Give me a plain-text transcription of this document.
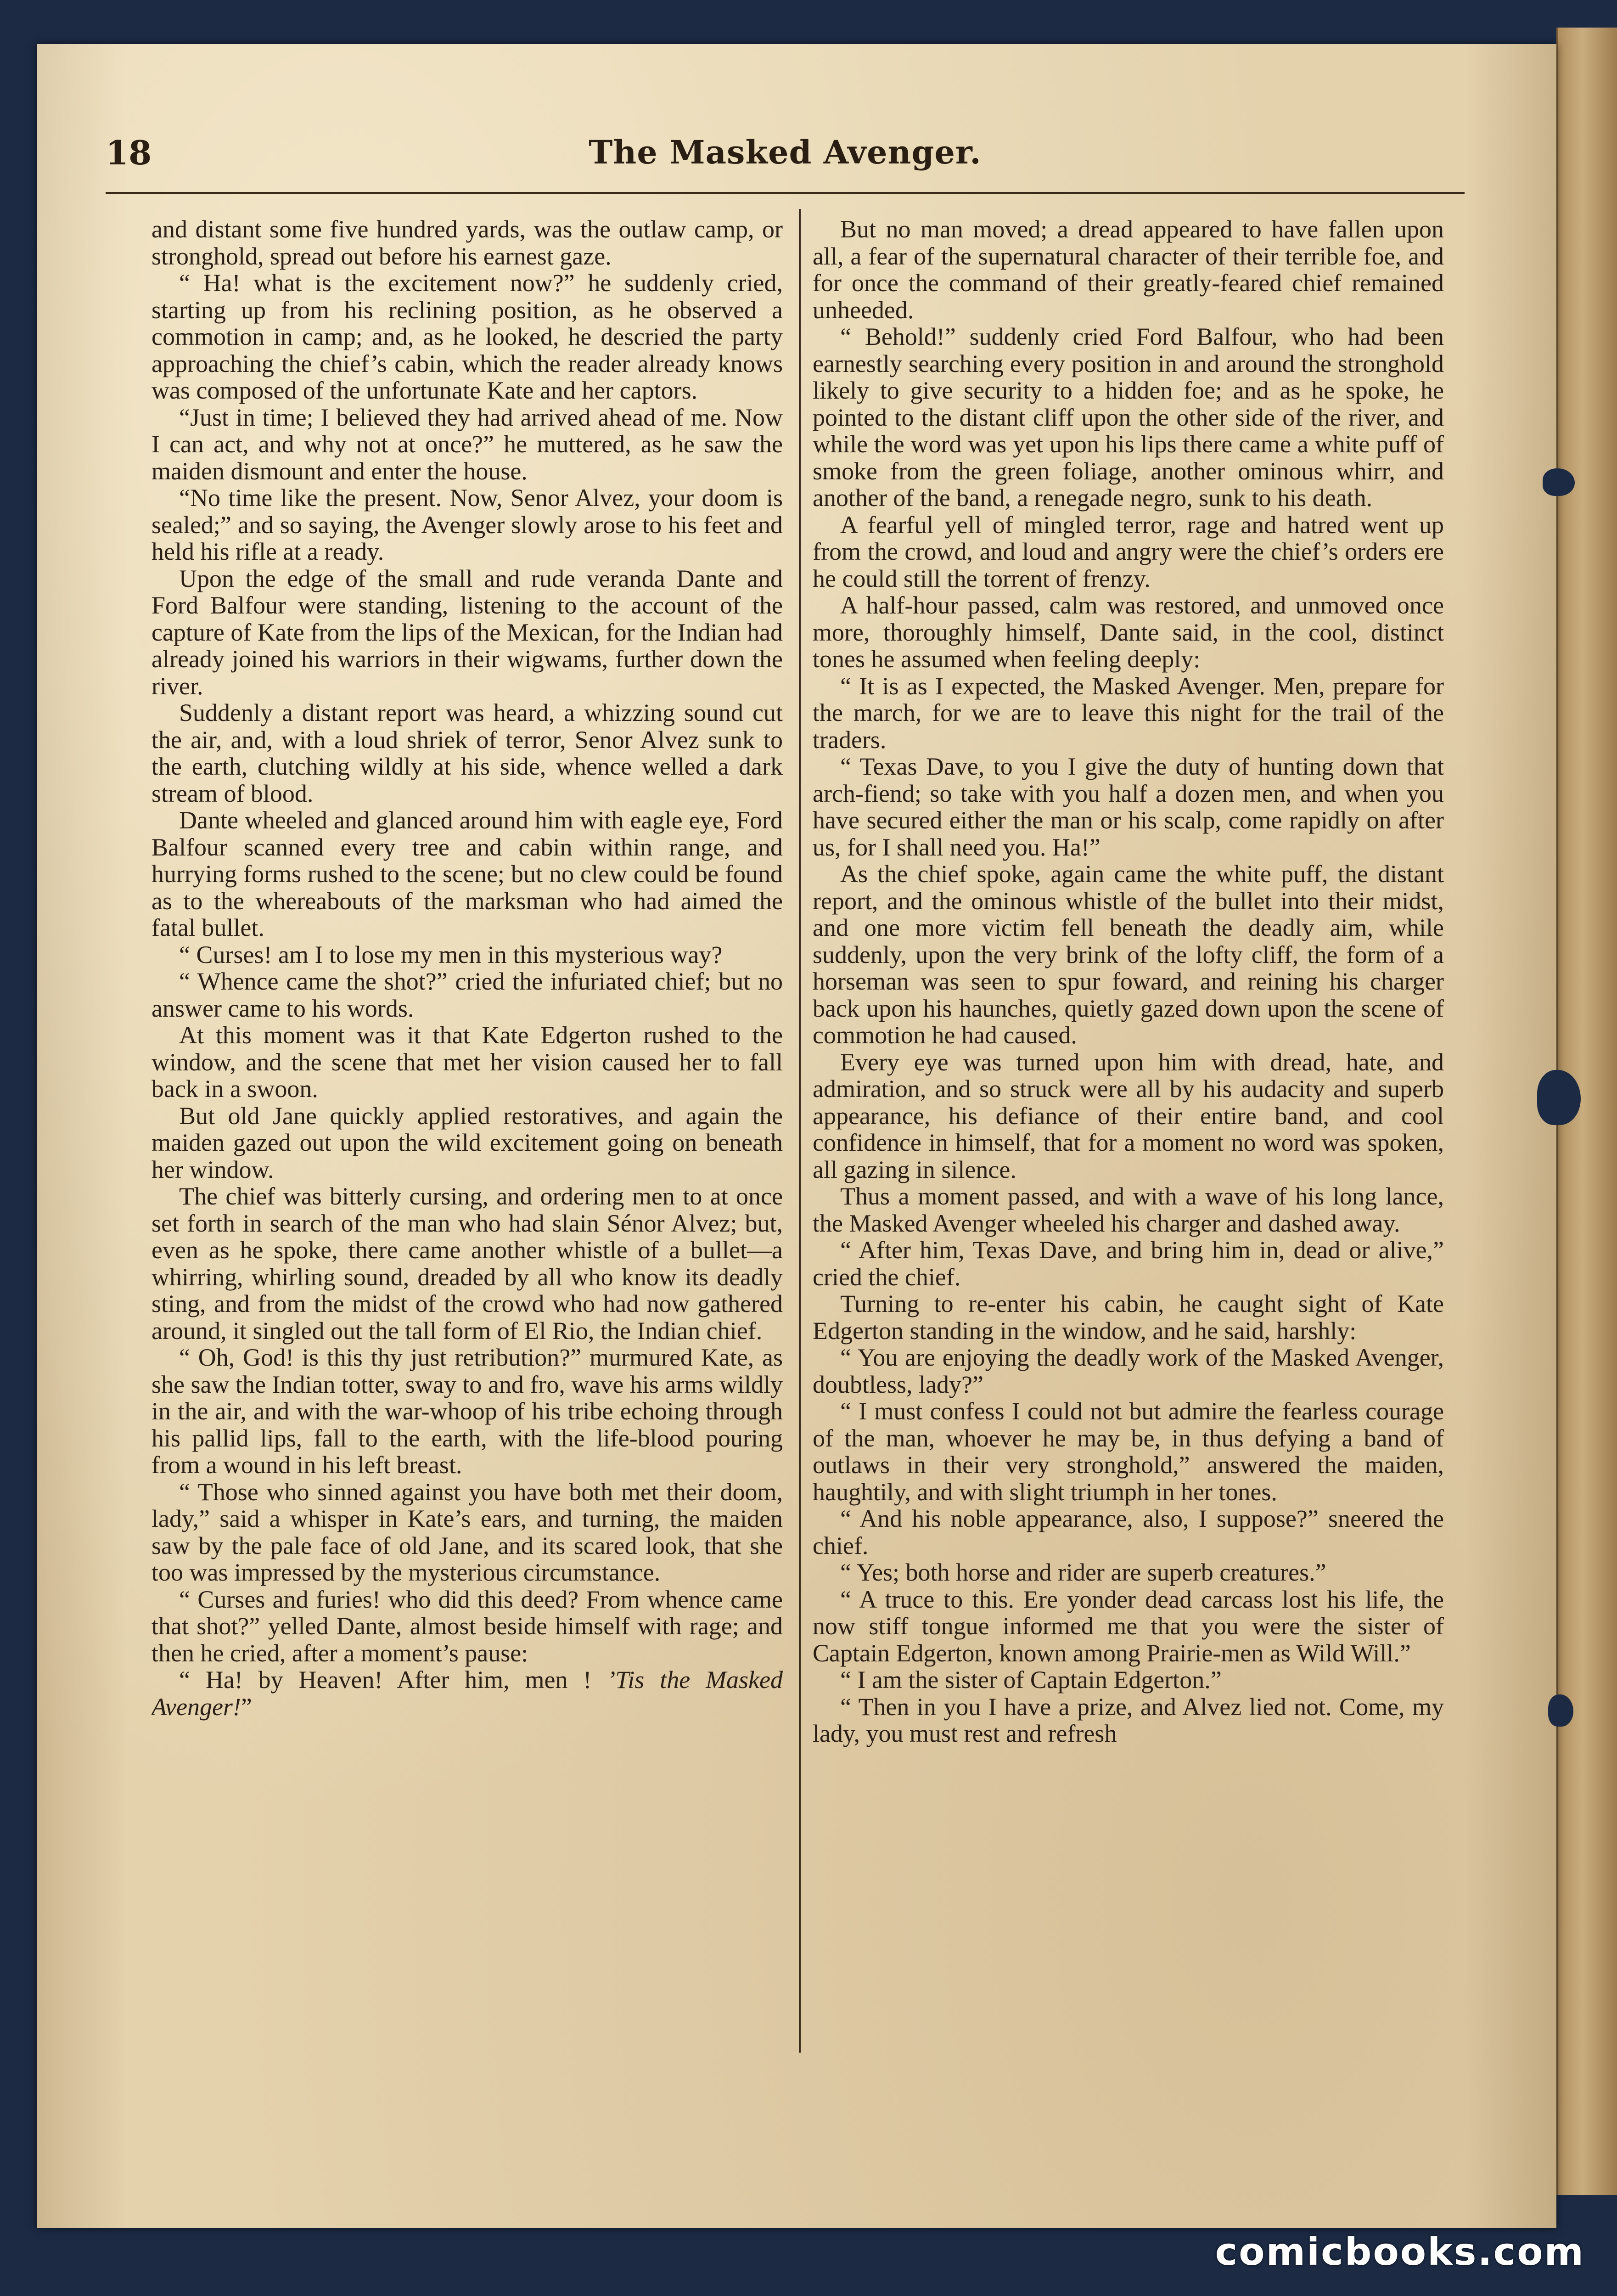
18	The Masked Avenger.

and distant some five hundred yards, was the outlaw camp, or stronghold, spread out before his earnest gaze.

“ Ha! what is the excitement now?” he suddenly cried, starting up from his reclining position, as he observed a commotion in camp; and, as he looked, he descried the party approaching the chief’s cabin, which the reader already knows was composed of the unfortunate Kate and her captors.

“Just in time; I believed they had arrived ahead of me. Now I can act, and why not at once?” he muttered, as he saw the maiden dismount and enter the house.

“No time like the present. Now, Senor Alvez, your doom is sealed;” and so saying, the Avenger slowly arose to his feet and held his rifle at a ready.

Upon the edge of the small and rude veranda Dante and Ford Balfour were standing, listening to the account of the capture of Kate from the lips of the Mexican, for the Indian had already joined his warriors in their wigwams, further down the river.

Suddenly a distant report was heard, a whizzing sound cut the air, and, with a loud shriek of terror, Senor Alvez sunk to the earth, clutching wildly at his side, whence welled a dark stream of blood.

Dante wheeled and glanced around him with eagle eye, Ford Balfour scanned every tree and cabin within range, and hurrying forms rushed to the scene; but no clew could be found as to the whereabouts of the marksman who had aimed the fatal bullet.

“ Curses! am I to lose my men in this mysterious way?

“ Whence came the shot?” cried the infuriated chief; but no answer came to his words.

At this moment was it that Kate Edgerton rushed to the window, and the scene that met her vision caused her to fall back in a swoon.

But old Jane quickly applied restoratives, and again the maiden gazed out upon the wild excitement going on beneath her window.

The chief was bitterly cursing, and ordering men to at once set forth in search of the man who had slain Sénor Alvez; but, even as he spoke, there came another whistle of a bullet—a whirring, whirling sound, dreaded by all who know its deadly sting, and from the midst of the crowd who had now gathered around, it singled out the tall form of El Rio, the Indian chief.

“ Oh, God! is this thy just retribution?” murmured Kate, as she saw the Indian totter, sway to and fro, wave his arms wildly in the air, and with the war-whoop of his tribe echoing through his pallid lips, fall to the earth, with the life-blood pouring from a wound in his left breast.

“ Those who sinned against you have both met their doom, lady,” said a whisper in Kate’s ears, and turning, the maiden saw by the pale face of old Jane, and its scared look, that she too was impressed by the mysterious circumstance.

“ Curses and furies! who did this deed? From whence came that shot?” yelled Dante, almost beside himself with rage; and then he cried, after a moment’s pause:

“ Ha! by Heaven! After him, men ! ’Tis the Masked Avenger!”

But no man moved; a dread appeared to have fallen upon all, a fear of the supernatural character of their terrible foe, and for once the command of their greatly-feared chief remained unheeded.

“ Behold!” suddenly cried Ford Balfour, who had been earnestly searching every position in and around the stronghold likely to give security to a hidden foe; and as he spoke, he pointed to the distant cliff upon the other side of the river, and while the word was yet upon his lips there came a white puff of smoke from the green foliage, another ominous whirr, and another of the band, a renegade negro, sunk to his death.

A fearful yell of mingled terror, rage and hatred went up from the crowd, and loud and angry were the chief’s orders ere he could still the torrent of frenzy.

A half-hour passed, calm was restored, and unmoved once more, thoroughly himself, Dante said, in the cool, distinct tones he assumed when feeling deeply:

“ It is as I expected, the Masked Avenger. Men, prepare for the march, for we are to leave this night for the trail of the traders.

“ Texas Dave, to you I give the duty of hunting down that arch-fiend; so take with you half a dozen men, and when you have secured either the man or his scalp, come rapidly on after us, for I shall need you. Ha!”

As the chief spoke, again came the white puff, the distant report, and the ominous whistle of the bullet into their midst, and one more victim fell beneath the deadly aim, while suddenly, upon the very brink of the lofty cliff, the form of a horseman was seen to spur foward, and reining his charger back upon his haunches, quietly gazed down upon the scene of commotion he had caused.

Every eye was turned upon him with dread, hate, and admiration, and so struck were all by his audacity and superb appearance, his defiance of their entire band, and cool confidence in himself, that for a moment no word was spoken, all gazing in silence.

Thus a moment passed, and with a wave of his long lance, the Masked Avenger wheeled his charger and dashed away.

“ After him, Texas Dave, and bring him in, dead or alive,” cried the chief.

Turning to re-enter his cabin, he caught sight of Kate Edgerton standing in the window, and he said, harshly:

“ You are enjoying the deadly work of the Masked Avenger, doubtless, lady?”

“ I must confess I could not but admire the fearless courage of the man, whoever he may be, in thus defying a band of outlaws in their very stronghold,” answered the maiden, haughtily, and with slight triumph in her tones.

“ And his noble appearance, also, I suppose?” sneered the chief.

“ Yes; both horse and rider are superb creatures.”

“ A truce to this. Ere yonder dead carcass lost his life, the now stiff tongue informed me that you were the sister of Captain Edgerton, known among Prairie-men as Wild Will.”

“ I am the sister of Captain Edgerton.”

“ Then in you I have a prize, and Alvez lied not. Come, my lady, you must rest and refresh

comicbooks.com
